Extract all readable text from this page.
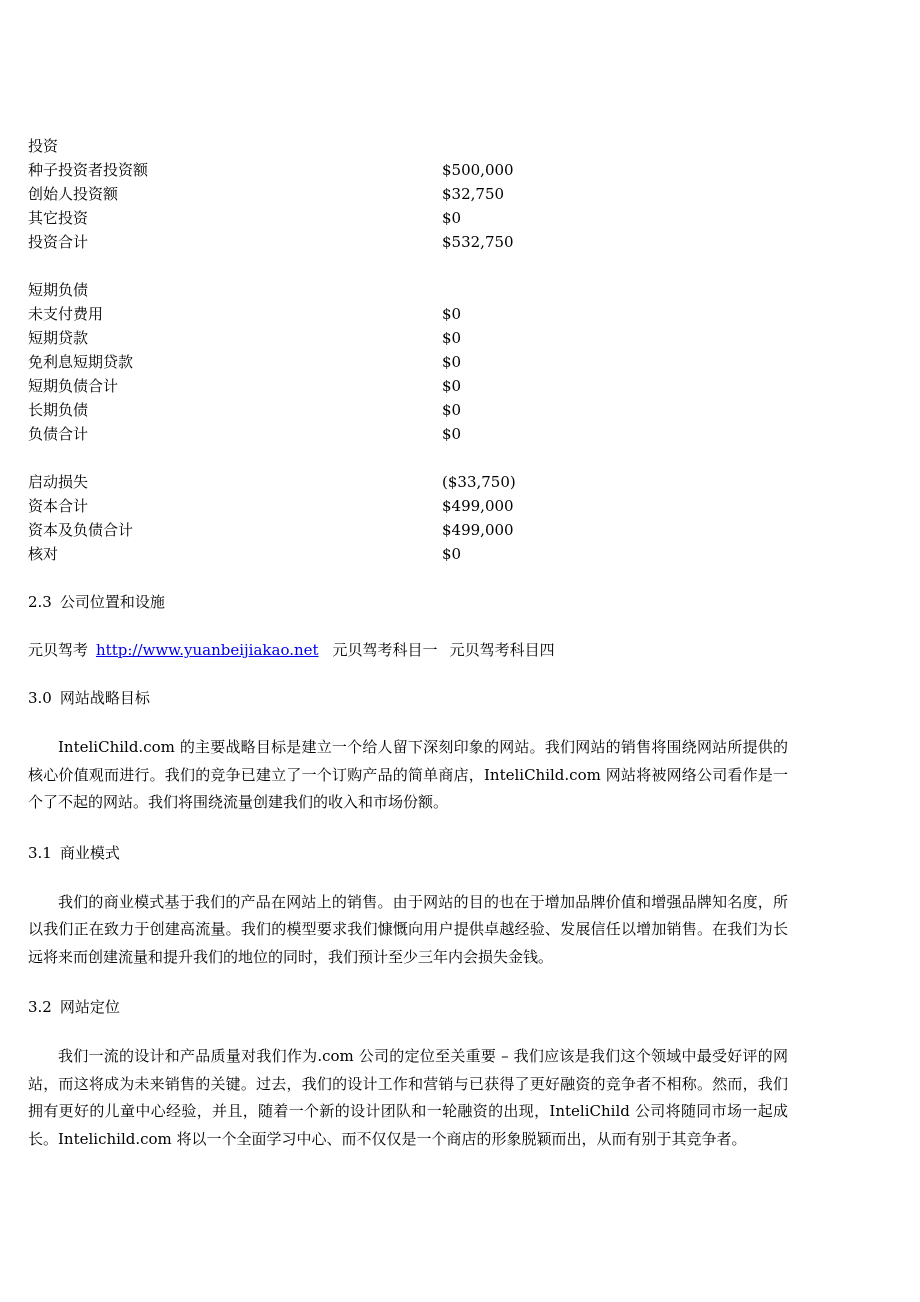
投资
种子投资者投资额	$500,000
创始人投资额	$32,750
其它投资	$0
投资合计	$532,750
短期负债
未支付费用	$0
短期贷款	$0
免利息短期贷款	$0
短期负债合计	$0
长期负债	$0
负债合计	$0
启动损失	($33,750)
资本合计	$499,000
资本及负债合计	$499,000
核对	$0
2.3 公司位置和设施
元贝驾考 http://www.yuanbeijiakao.net 元贝驾考科目一 元贝驾考科目四
3.0 网站战略目标
InteliChild.com 的主要战略目标是建立一个给人留下深刻印象的网站。我们网站的销售将围绕网站所提供的核心价值观而进行。我们的竞争已建立了一个订购产品的简单商店，InteliChild.com 网站将被网络公司看作是一个了不起的网站。我们将围绕流量创建我们的收入和市场份额。
3.1 商业模式
我们的商业模式基于我们的产品在网站上的销售。由于网站的目的也在于增加品牌价值和增强品牌知名度，所以我们正在致力于创建高流量。我们的模型要求我们慷慨向用户提供卓越经验、发展信任以增加销售。在我们为长远将来而创建流量和提升我们的地位的同时，我们预计至少三年内会损失金钱。
3.2 网站定位
我们一流的设计和产品质量对我们作为.com 公司的定位至关重要 – 我们应该是我们这个领域中最受好评的网站，而这将成为未来销售的关键。过去，我们的设计工作和营销与已获得了更好融资的竞争者不相称。然而，我们拥有更好的儿童中心经验，并且，随着一个新的设计团队和一轮融资的出现，InteliChild 公司将随同市场一起成长。Intelichild.com 将以一个全面学习中心、而不仅仅是一个商店的形象脱颖而出，从而有别于其竞争者。
